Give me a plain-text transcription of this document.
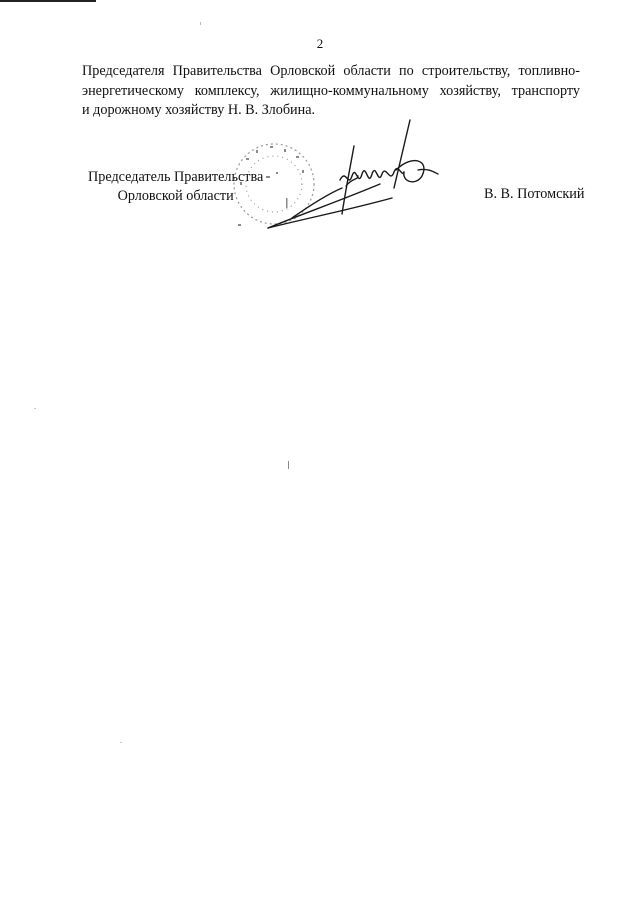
2

Председателя Правительства Орловской области по строительству, топливно-
энергетическому комплексу, жилищно-коммунальному хозяйству, транспорту
и дорожному хозяйству Н. В. Злобина.
Председатель Правительства
Орловской области	В. В. Потомский
